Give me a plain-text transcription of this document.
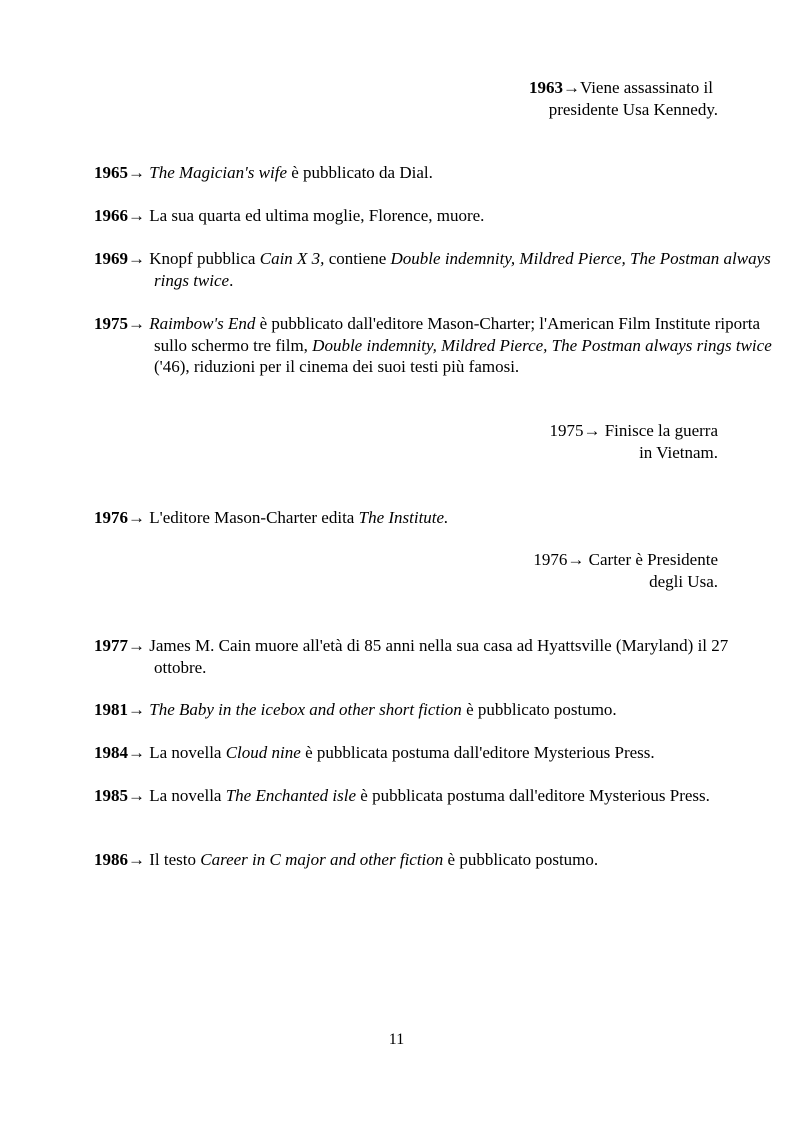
1963→Viene assassinato il
presidente Usa Kennedy.
1965→ The Magician's wife è pubblicato da Dial.
1966→ La sua quarta ed ultima moglie, Florence, muore.
1969→ Knopf pubblica Cain X 3, contiene Double indemnity, Mildred Pierce, The Postman always rings twice.
1975→ Raimbow's End è pubblicato dall'editore Mason-Charter; l'American Film Institute riporta sullo schermo tre film, Double indemnity, Mildred Pierce, The Postman always rings twice ('46), riduzioni per il cinema dei suoi testi più famosi.
1975→ Finisce la guerra
in Vietnam.
1976→ L'editore Mason-Charter edita The Institute.
1976→ Carter è Presidente
degli Usa.
1977→ James M. Cain muore all'età di 85 anni nella sua casa ad Hyattsville (Maryland) il 27 ottobre.
1981→ The Baby in the icebox and other short fiction è pubblicato postumo.
1984→ La novella Cloud nine è pubblicata postuma dall'editore Mysterious Press.
1985→ La novella The Enchanted isle è pubblicata postuma dall'editore Mysterious Press.
1986→ Il testo Career in C major and other fiction è pubblicato postumo.
11
